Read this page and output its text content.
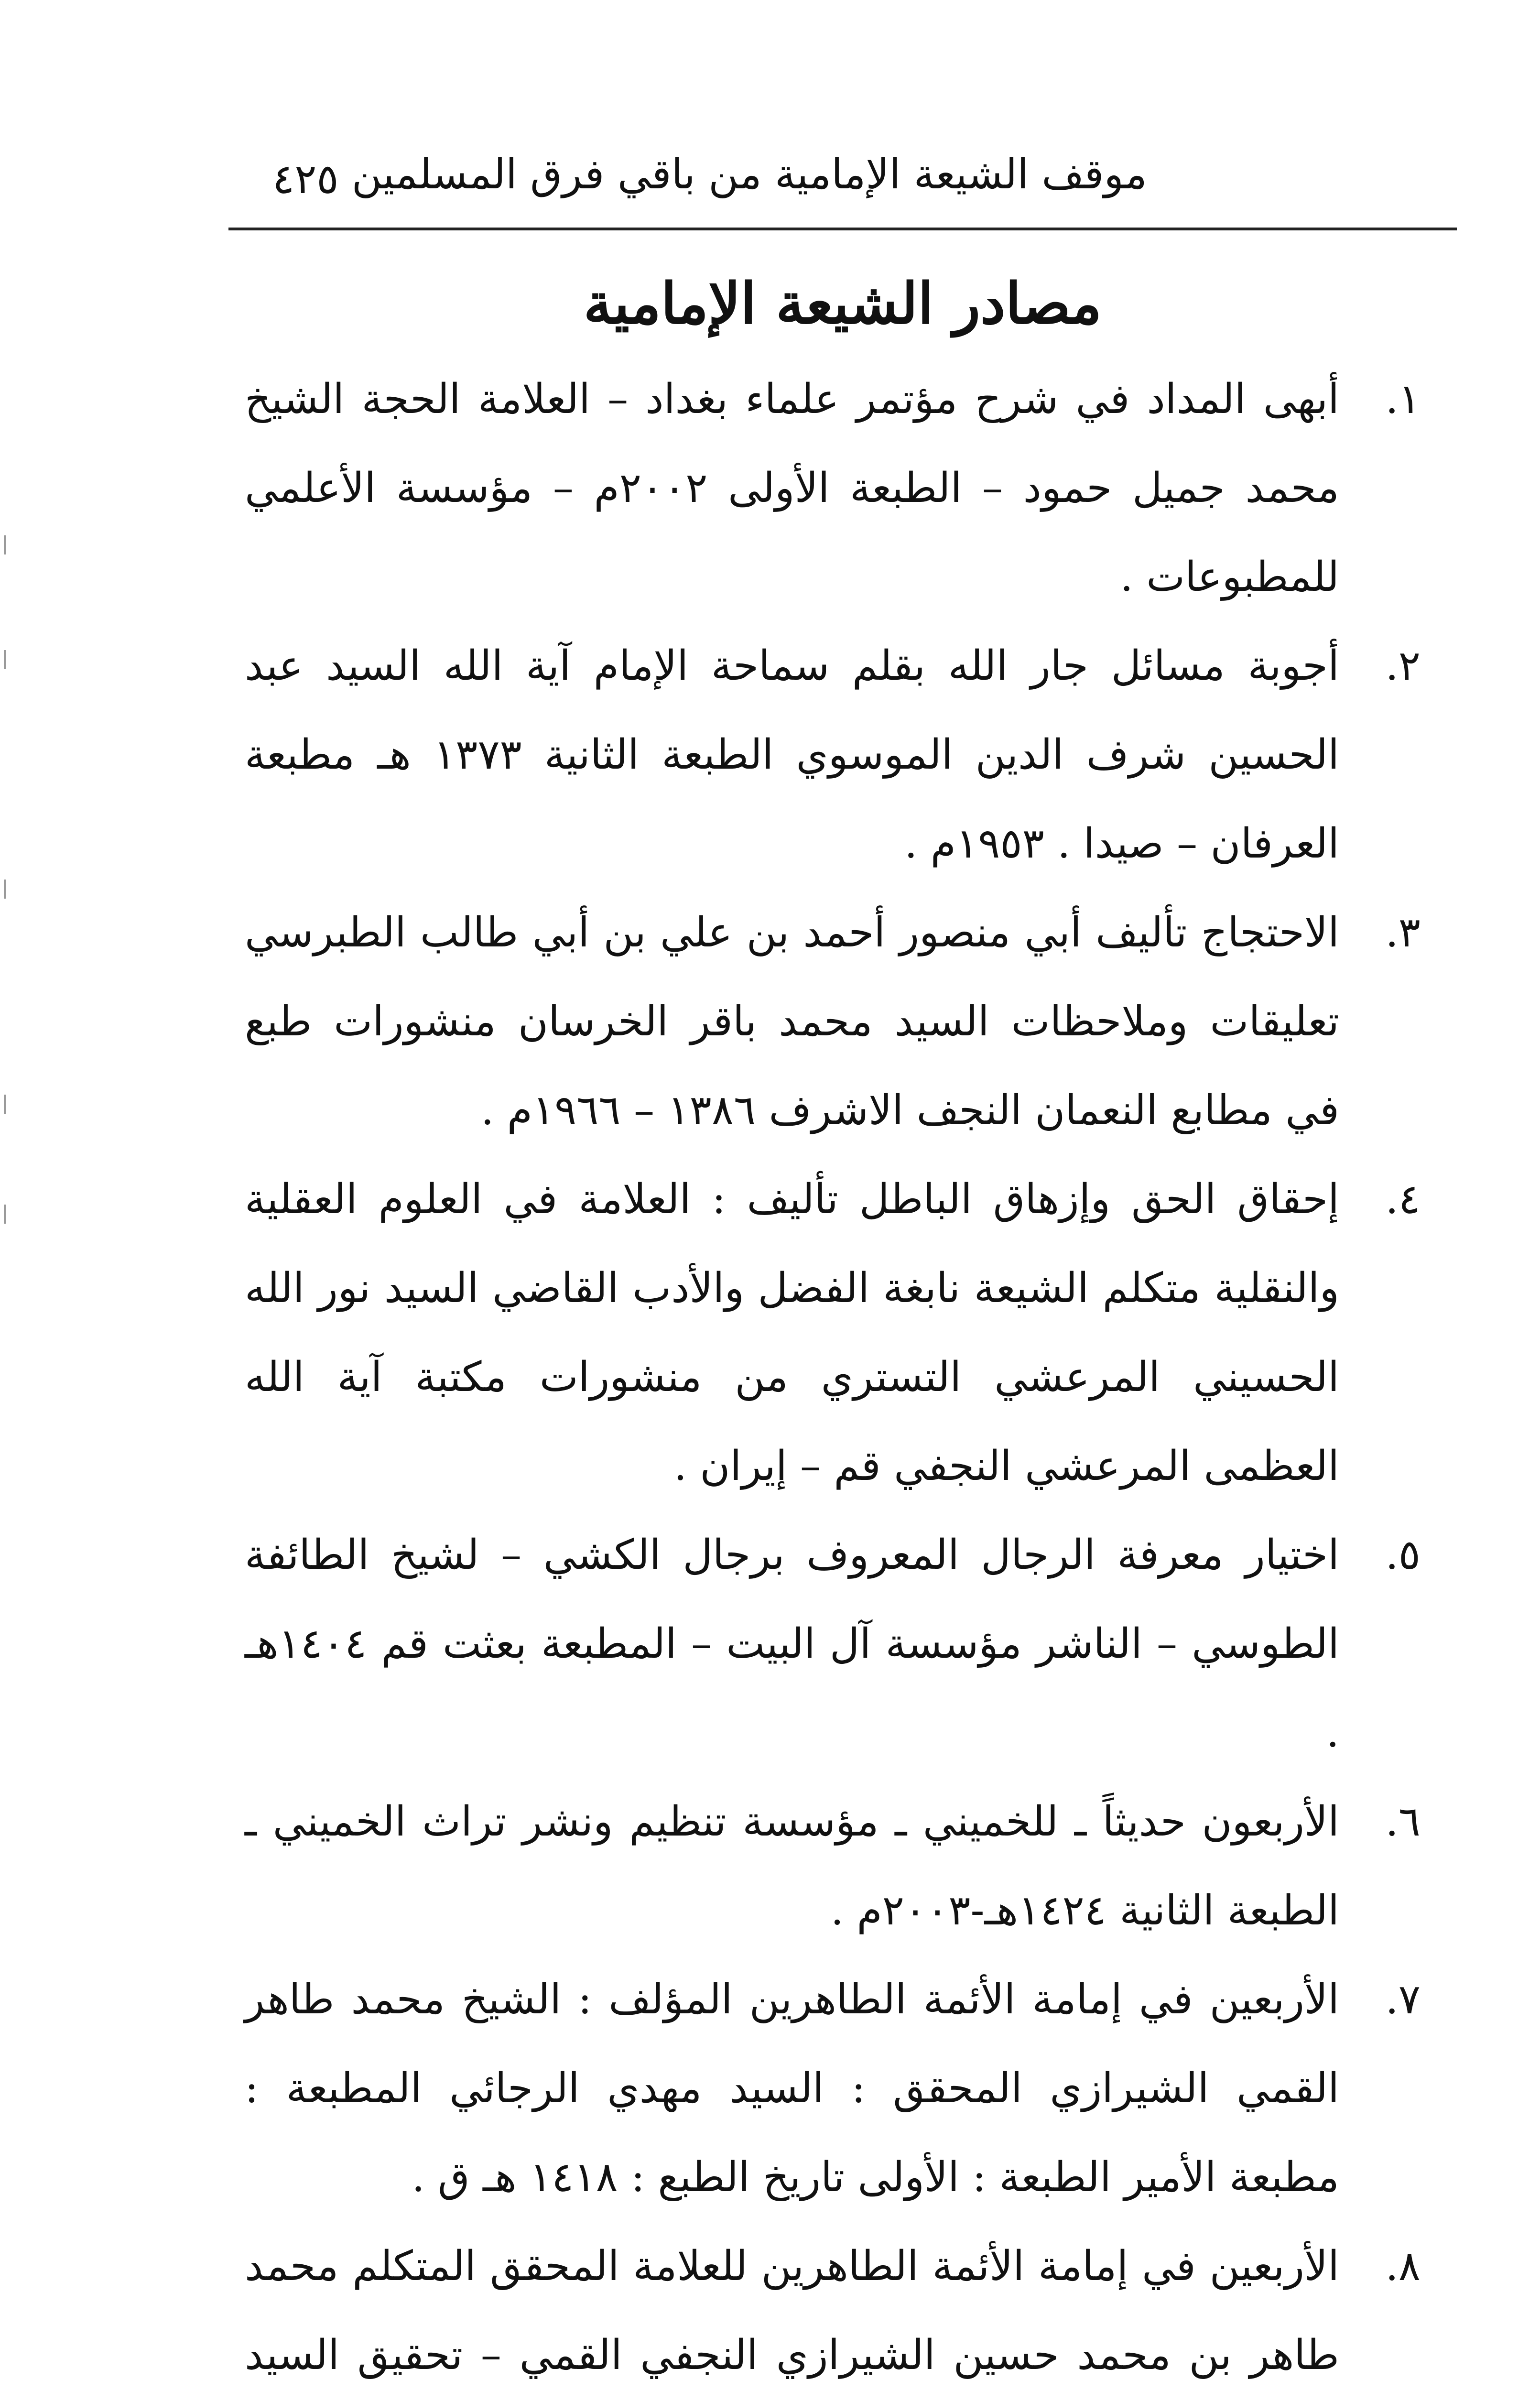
موقف الشيعة الإمامية من باقي فرق المسلمين
٤٢٥
مصادر الشيعة الإمامية
١.
أبهى المداد في شرح مؤتمر علماء بغداد – العلامة الحجة الشيخ محمد جميل حمود – الطبعة الأولى ٢٠٠٢م – مؤسسة الأعلمي للمطبوعات .
٢.
أجوبة مسائل جار الله بقلم سماحة الإمام آية الله السيد عبد الحسين شرف الدين الموسوي الطبعة الثانية ١٣٧٣ هـ مطبعة العرفان – صيدا . ١٩٥٣م .
٣.
الاحتجاج تأليف أبي منصور أحمد بن علي بن أبي طالب الطبرسي تعليقات وملاحظات السيد محمد باقر الخرسان منشورات طبع في مطابع النعمان النجف الاشرف ١٣٨٦ – ١٩٦٦م .
٤.
إحقاق الحق وإزهاق الباطل تأليف : العلامة في العلوم العقلية والنقلية متكلم الشيعة نابغة الفضل والأدب القاضي السيد نور الله الحسيني المرعشي التستري من منشورات مكتبة آية الله العظمى المرعشي النجفي قم – إيران .
٥.
اختيار معرفة الرجال المعروف برجال الكشي – لشيخ الطائفة الطوسي – الناشر مؤسسة آل البيت – المطبعة بعثت قم ١٤٠٤هـ .
٦.
الأربعون حديثاً ـ للخميني ـ مؤسسة تنظيم ونشر تراث الخميني ـ الطبعة الثانية ١٤٢٤هـ-٢٠٠٣م .
٧.
الأربعين في إمامة الأئمة الطاهرين المؤلف : الشيخ محمد طاهر القمي الشيرازي المحقق : السيد مهدي الرجائي المطبعة : مطبعة الأمير الطبعة : الأولى تاريخ الطبع : ١٤١٨ هـ ق .
٨.
الأربعين في إمامة الأئمة الطاهرين للعلامة المحقق المتكلم محمد طاهر بن محمد حسين الشيرازي النجفي القمي – تحقيق السيد
